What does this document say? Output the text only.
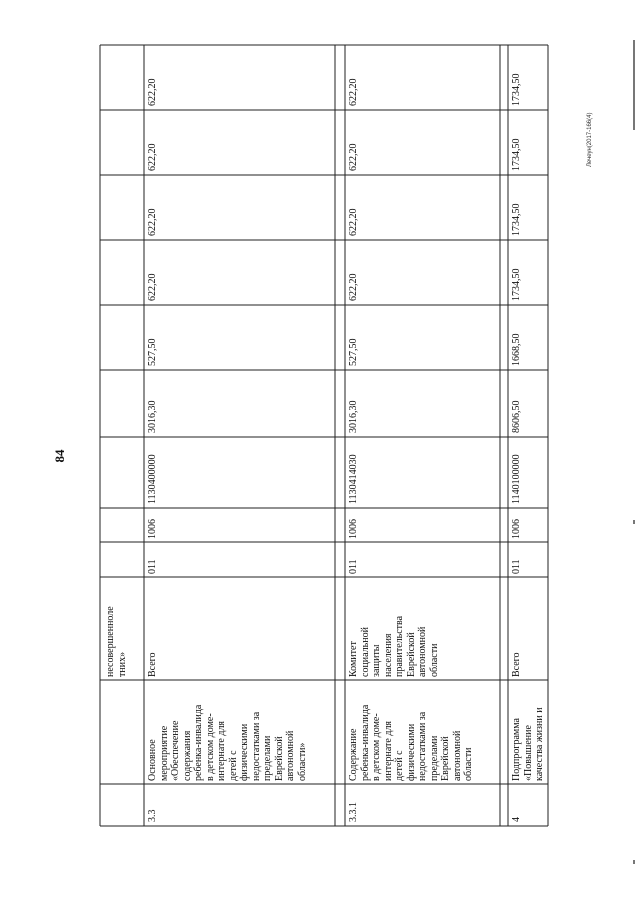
84
Лечеун(2017-166(4)
несовершенноле
тних»
3.3
Основное
мероприятие
«Обеспечение
содержания
ребенка-инвалида
в детском доме-
интернате для
детей с
физическими
недостатками за
пределами
Еврейской
автономной
области»
Всего
011
1006
1130400000
3016,30
527,50
622,20
622,20
622,20
622,20
3.3.1
Содержание
ребенка-инвалида
в детском доме-
интернате для
детей с
физическими
недостатками за
пределами
Еврейской
автономной
области
Комитет
социальной
защиты
населения
правительства
Еврейской
автономной
области
011
1006
1130414030
3016,30
527,50
622,20
622,20
622,20
622,20
4
Подпрограмма
«Повышение
качества жизни и
Всего
011
1006
1140100000
8606,50
1668,50
1734,50
1734,50
1734,50
1734,50
